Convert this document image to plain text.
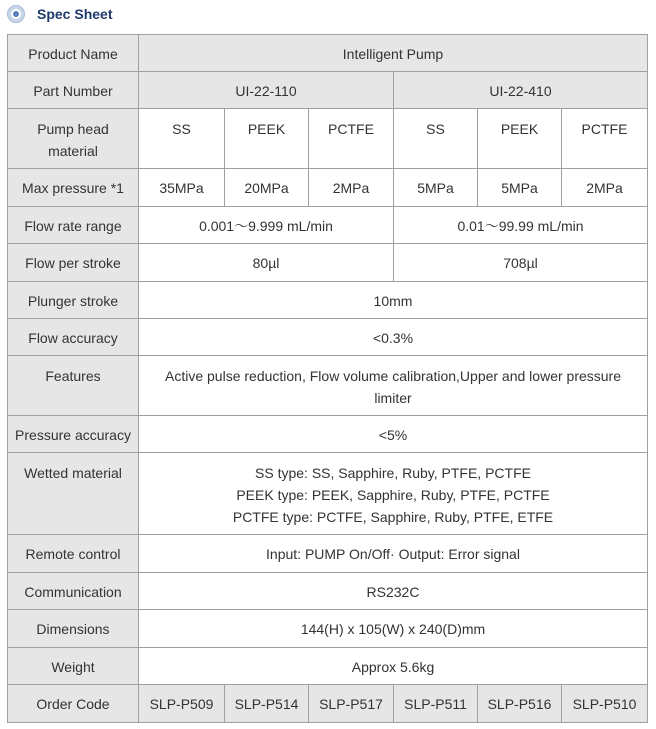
Spec Sheet
Product Name	Intelligent Pump					
Part Number	UI-22-110			UI-22-410		
Pump head material	SS	PEEK	PCTFE	SS	PEEK	PCTFE
Max pressure *1	35MPa	20MPa	2MPa	5MPa	5MPa	2MPa
Flow rate range	0.001～9.999 mL/min			0.01～99.99 mL/min		
Flow per stroke	80µl			708µl		
Plunger stroke	10mm					
Flow accuracy	<0.3%					
Features	Active pulse reduction, Flow volume calibration,Upper and lower pressure limiter					
Pressure accuracy	<5%					
Wetted material	SS type: SS, Sapphire, Ruby, PTFE, PCTFE
PEEK type: PEEK, Sapphire, Ruby, PTFE, PCTFE
PCTFE type: PCTFE, Sapphire, Ruby, PTFE, ETFE					

Remote control	Input: PUMP On/Off· Output: Error signal					
Communication	RS232C					
Dimensions	144(H) x 105(W) x 240(D)mm					
Weight	Approx 5.6kg					
Order Code	SLP-P509	SLP-P514	SLP-P517	SLP-P511	SLP-P516	SLP-P510
